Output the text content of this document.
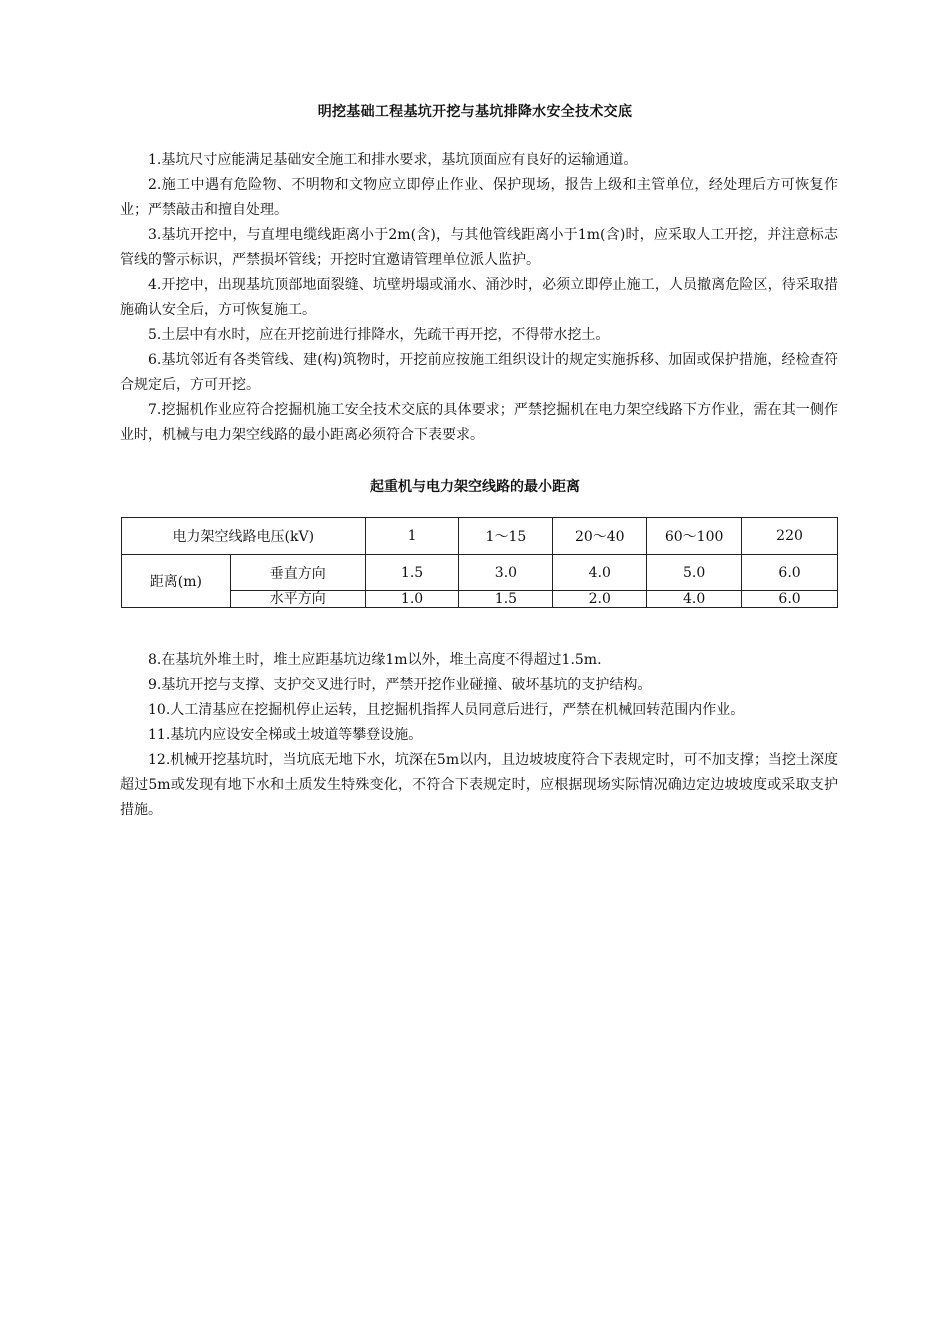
明挖基础工程基坑开挖与基坑排降水安全技术交底

1.基坑尺寸应能满足基础安全施工和排水要求，基坑顶面应有良好的运输通道。

2.施工中遇有危险物、不明物和文物应立即停止作业、保护现场，报告上级和主管单位，经处理后方可恢复作业；严禁敲击和擅自处理。

3.基坑开挖中，与直埋电缆线距离小于2m(含)，与其他管线距离小于1m(含)时，应采取人工开挖，并注意标志管线的警示标识，严禁损坏管线；开挖时宜邀请管理单位派人监护。

4.开挖中，出现基坑顶部地面裂缝、坑壁坍塌或涌水、涌沙时，必须立即停止施工，人员撤离危险区，待采取措施确认安全后，方可恢复施工。

5.土层中有水时，应在开挖前进行排降水，先疏干再开挖，不得带水挖土。

6.基坑邻近有各类管线、建(构)筑物时，开挖前应按施工组织设计的规定实施拆移、加固或保护措施，经检查符合规定后，方可开挖。

7.挖掘机作业应符合挖掘机施工安全技术交底的具体要求；严禁挖掘机在电力架空线路下方作业，需在其一侧作业时，机械与电力架空线路的最小距离必须符合下表要求。

起重机与电力架空线路的最小距离
电力架空线路电压(kV)		1	1～15	20～40	60～100	220
距离(m)	垂直方向	1.5	3.0	4.0	5.0	6.0
	水平方向	1.0	1.5	2.0	4.0	6.0

8.在基坑外堆土时，堆土应距基坑边缘1m以外，堆土高度不得超过1.5m.

9.基坑开挖与支撑、支护交叉进行时，严禁开挖作业碰撞、破坏基坑的支护结构。

10.人工清基应在挖掘机停止运转，且挖掘机指挥人员同意后进行，严禁在机械回转范围内作业。

11.基坑内应设安全梯或土坡道等攀登设施。

12.机械开挖基坑时，当坑底无地下水，坑深在5m以内，且边坡坡度符合下表规定时，可不加支撑；当挖土深度超过5m或发现有地下水和土质发生特殊变化，不符合下表规定时，应根据现场实际情况确边定边坡坡度或采取支护措施。
